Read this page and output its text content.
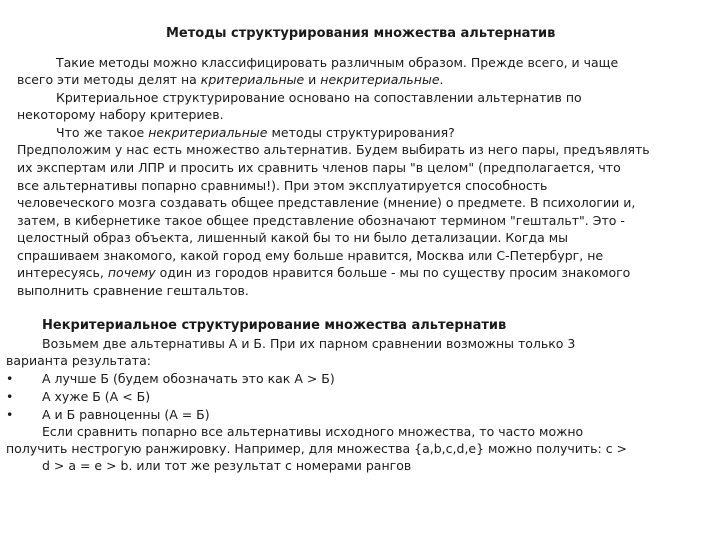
Методы структурирования множества альтернатив
Такие методы можно классифицировать различным образом. Прежде всего, и чаще
всего эти методы делят на критериальные и некритериальные.
Критериальное структурирование основано на сопоставлении альтернатив по
некоторому набору критериев.
Что же такое некритериальные методы структурирования?
Предположим у нас есть множество альтернатив. Будем выбирать из него пары, предъявлять
их экспертам или ЛПР и просить их сравнить членов пары "в целом" (предполагается, что
все альтернативы попарно сравнимы!). При этом эксплуатируется способность
человеческого мозга создавать общее представление (мнение) о предмете. В психологии и,
затем, в кибернетике такое общее представление обозначают термином "гештальт". Это -
целостный образ объекта, лишенный какой бы то ни было детализации. Когда мы
спрашиваем знакомого, какой город ему больше нравится, Москва или С-Петербург, не
интересуясь, почему один из городов нравится больше - мы по существу просим знакомого
выполнить сравнение гештальтов.
Некритериальное структурирование множества альтернатив
Возьмем две альтернативы А и Б. При их парном сравнении возможны только 3
варианта результата:
• А лучше Б (будем обозначать это как А > Б)
• А хуже Б (А < Б)
• А и Б равноценны (А = Б)
Если сравнить попарно все альтернативы исходного множества, то часто можно
получить нестрогую ранжировку. Например, для множества {a,b,c,d,e} можно получить: c >
d > a = e > b. или тот же результат с номерами рангов
